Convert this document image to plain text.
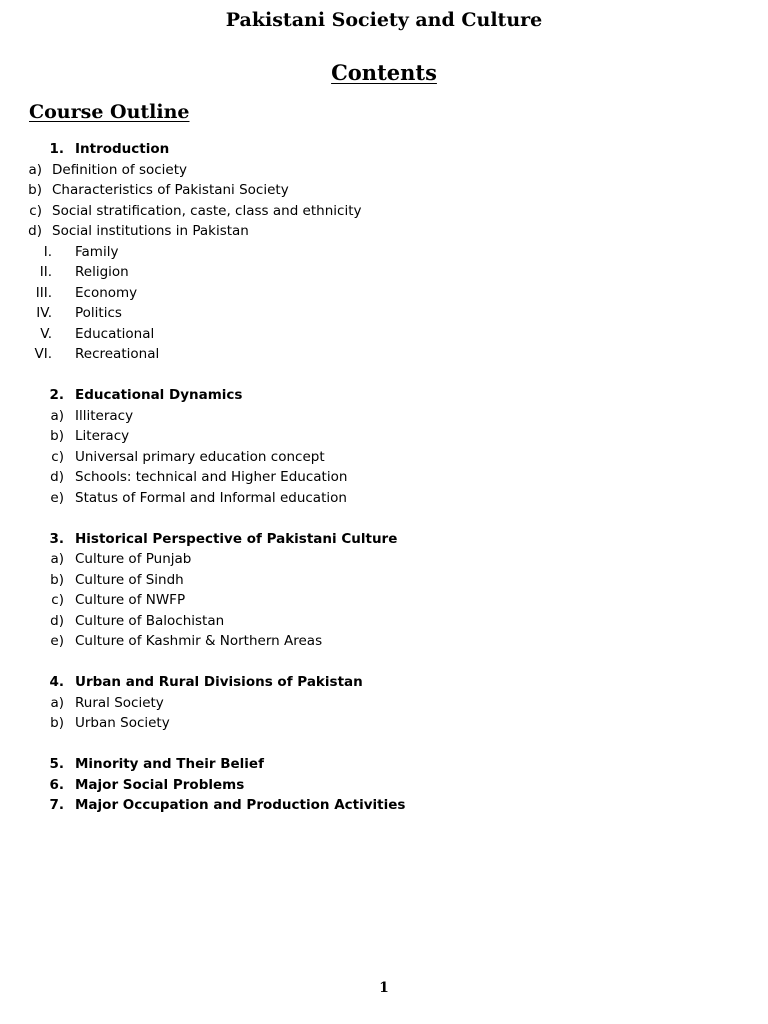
Pakistani Society and Culture
Contents
Course Outline
1. Introduction
a) Definition of society
b) Characteristics of Pakistani Society
c) Social stratification, caste, class and ethnicity
d) Social institutions in Pakistan
I. Family
II. Religion
III. Economy
IV. Politics
V. Educational
VI. Recreational
2. Educational Dynamics
a) Illiteracy
b) Literacy
c) Universal primary education concept
d) Schools: technical and Higher Education
e) Status of Formal and Informal education
3. Historical Perspective of Pakistani Culture
a) Culture of Punjab
b) Culture of Sindh
c) Culture of NWFP
d) Culture of Balochistan
e) Culture of Kashmir & Northern Areas
4. Urban and Rural Divisions of Pakistan
a) Rural Society
b) Urban Society
5. Minority and Their Belief
6. Major Social Problems
7. Major Occupation and Production Activities
1
